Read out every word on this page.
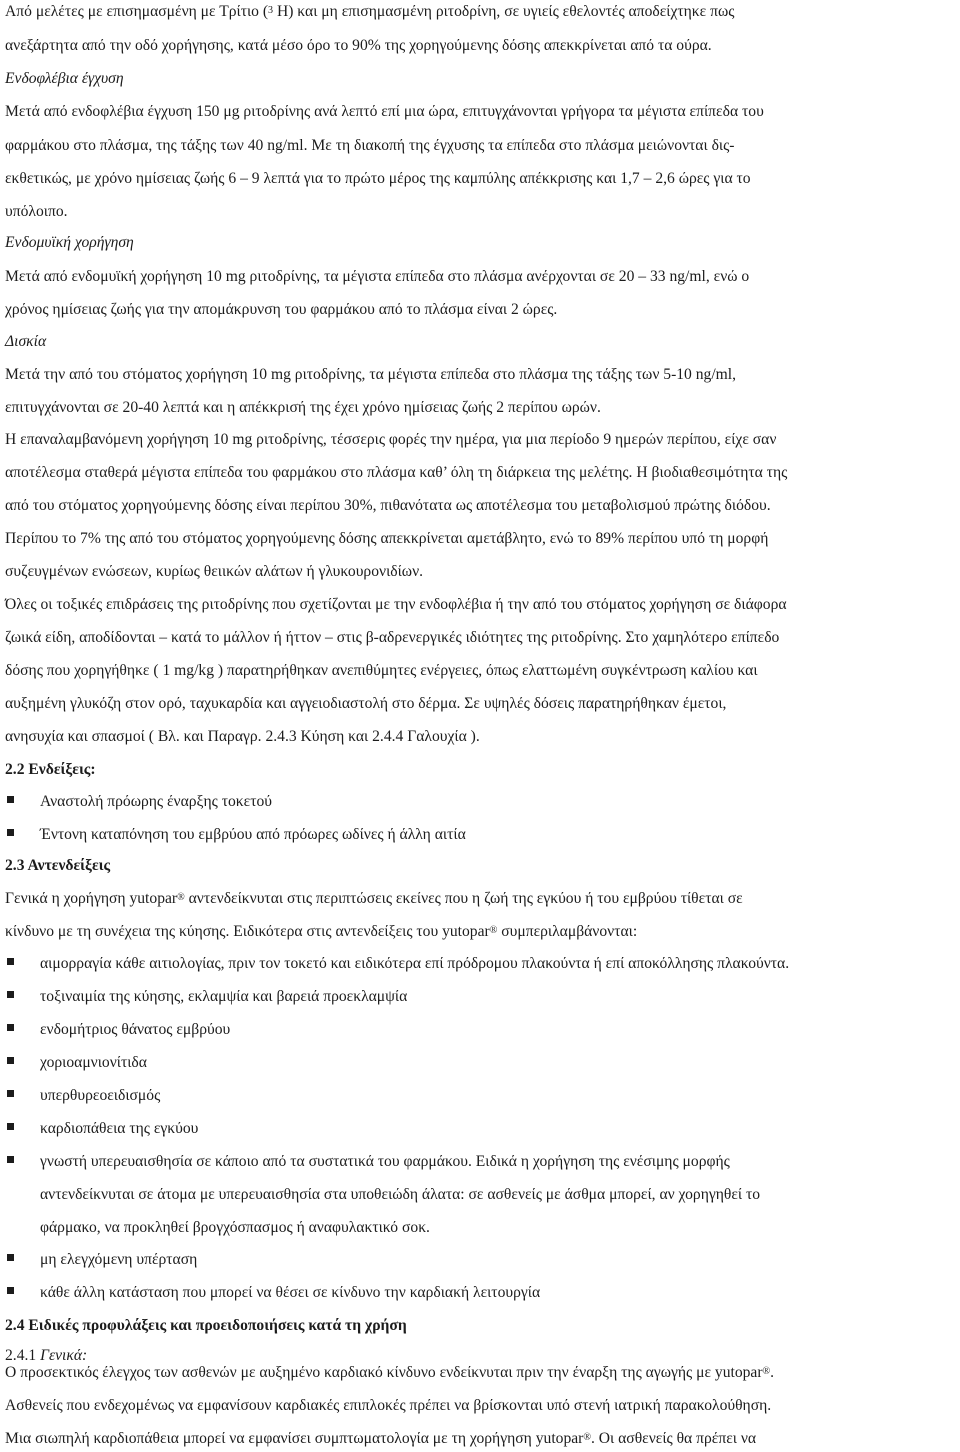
Από μελέτες με επισημασμένη με Τρίτιο ($^3$ Η) και μη επισημασμένη ριτοδρίνη, σε υγιείς εθελοντές αποδείχτηκε πως
ανεξάρτητα από την οδό χορήγησης, κατά μέσο όρο το 90% της χορηγούμενης δόσης απεκκρίνεται από τα ούρα.
Ενδοφλέβια έγχυση
Μετά από ενδοφλέβια έγχυση 150 μg ριτοδρίνης ανά λεπτό επί μια ώρα, επιτυγχάνονται γρήγορα τα μέγιστα επίπεδα του
φαρμάκου στο πλάσμα, της τάξης των 40 ng/ml. Με τη διακοπή της έγχυσης τα επίπεδα στο πλάσμα μειώνονται δις-
εκθετικώς, με χρόνο ημίσειας ζωής 6 – 9 λεπτά για το πρώτο μέρος της καμπύλης απέκκρισης και 1,7 – 2,6 ώρες για το
υπόλοιπο.
Ενδομυϊκή χορήγηση
Μετά από ενδομυϊκή χορήγηση 10 mg ριτοδρίνης, τα μέγιστα επίπεδα στο πλάσμα ανέρχονται σε 20 – 33 ng/ml, ενώ ο
χρόνος ημίσειας ζωής για την απομάκρυνση του φαρμάκου από το πλάσμα είναι 2 ώρες.
Δισκία
Μετά την από του στόματος χορήγηση 10 mg ριτοδρίνης, τα μέγιστα επίπεδα στο πλάσμα της τάξης των 5-10 ng/ml,
επιτυγχάνονται σε 20-40 λεπτά και η απέκκρισή της έχει χρόνο ημίσειας ζωής 2 περίπου ωρών.
Η επαναλαμβανόμενη χορήγηση 10 mg ριτοδρίνης, τέσσερις φορές την ημέρα, για μια περίοδο 9 ημερών περίπου, είχε σαν
αποτέλεσμα σταθερά μέγιστα επίπεδα του φαρμάκου στο πλάσμα καθ’ όλη τη διάρκεια της μελέτης. Η βιοδιαθεσιμότητα της
από του στόματος χορηγούμενης δόσης είναι περίπου 30%, πιθανότατα ως αποτέλεσμα του μεταβολισμού πρώτης διόδου.
Περίπου το 7% της από του στόματος χορηγούμενης δόσης απεκκρίνεται αμετάβλητο, ενώ το 89% περίπου υπό τη μορφή
συζευγμένων ενώσεων, κυρίως θειικών αλάτων ή γλυκουρονιδίων.
Όλες οι τοξικές επιδράσεις της ριτοδρίνης που σχετίζονται με την ενδοφλέβια ή την από του στόματος χορήγηση σε διάφορα
ζωικά είδη, αποδίδονται – κατά το μάλλον ή ήττον – στις β-αδρενεργικές ιδιότητες της ριτοδρίνης. Στο χαμηλότερο επίπεδο
δόσης που χορηγήθηκε ( 1 mg/kg ) παρατηρήθηκαν ανεπιθύμητες ενέργειες, όπως ελαττωμένη συγκέντρωση καλίου και
αυξημένη γλυκόζη στον ορό, ταχυκαρδία και αγγειοδιαστολή στο δέρμα. Σε υψηλές δόσεις παρατηρήθηκαν έμετοι,
ανησυχία και σπασμοί ( Βλ. και Παραγρ. 2.4.3 Κύηση και 2.4.4 Γαλουχία ).
2.2 Ενδείξεις:
Αναστολή πρόωρης έναρξης τοκετού
Έντονη καταπόνηση του εμβρύου από πρόωρες ωδίνες ή άλλη αιτία
2.3 Αντενδείξεις
Γενικά η χορήγηση yutopar® αντενδείκνυται στις περιπτώσεις εκείνες που η ζωή της εγκύου ή του εμβρύου τίθεται σε
κίνδυνο με τη συνέχεια της κύησης. Ειδικότερα στις αντενδείξεις του yutopar® συμπεριλαμβάνονται:
αιμορραγία κάθε αιτιολογίας, πριν τον τοκετό και ειδικότερα επί πρόδρομου πλακούντα ή επί αποκόλλησης πλακούντα.
τοξιναιμία της κύησης, εκλαμψία και βαρειά προεκλαμψία
ενδομήτριος θάνατος εμβρύου
χοριοαμνιονίτιδα
υπερθυρεοειδισμός
καρδιοπάθεια της εγκύου
γνωστή υπερευαισθησία σε κάποιο από τα συστατικά του φαρμάκου. Ειδικά η χορήγηση της ενέσιμης μορφής
αντενδείκνυται σε άτομα με υπερευαισθησία στα υποθειώδη άλατα: σε ασθενείς με άσθμα μπορεί, αν χορηγηθεί το
φάρμακο, να προκληθεί βρογχόσπασμος ή αναφυλακτικό σοκ.
μη ελεγχόμενη υπέρταση
κάθε άλλη κατάσταση που μπορεί να θέσει σε κίνδυνο την καρδιακή λειτουργία
2.4 Ειδικές προφυλάξεις και προειδοποιήσεις κατά τη χρήση
2.4.1 Γενικά:
Ο προσεκτικός έλεγχος των ασθενών με αυξημένο καρδιακό κίνδυνο ενδείκνυται πριν την έναρξη της αγωγής με yutopar®.
Ασθενείς που ενδεχομένως να εμφανίσουν καρδιακές επιπλοκές πρέπει να βρίσκονται υπό στενή ιατρική παρακολούθηση.
Μια σιωπηλή καρδιοπάθεια μπορεί να εμφανίσει συμπτωματολογία με τη χορήγηση yutopar®. Οι ασθενείς θα πρέπει να
